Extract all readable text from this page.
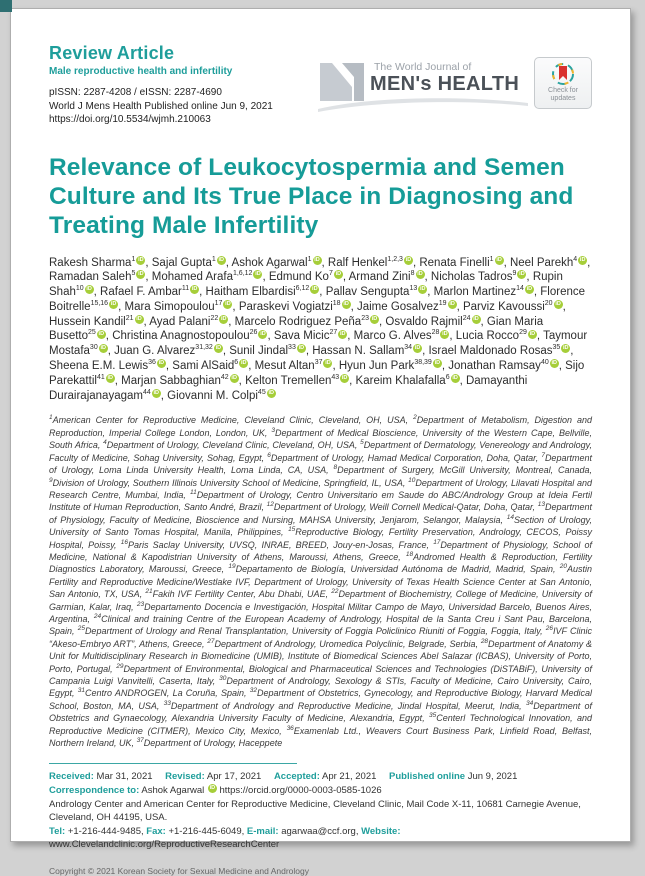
Review Article

Male reproductive health and infertility

pISSN: 2287-4208 / eISSN: 2287-4690

World J Mens Health Published online Jun 9, 2021

https://doi.org/10.5534/wjmh.210063

The World Journal of

MEN's HEALTH	Check for
updates
Relevance of Leukocytospermia and Semen Culture and Its True Place in Diagnosing and Treating Male Infertility

Rakesh Sharma$^1$ iD , Sajal Gupta$^1$ iD , Ashok Agarwal$^1$ iD , Ralf Henkel$^{1,2,3}$ iD , Renata Finelli$^1$ iD , Neel Parekh$^4$ iD , Ramadan Saleh$^5$ iD , Mohamed Arafa$^{1,6,12}$ iD , Edmund Ko$^7$ iD , Armand Zini$^8$ iD , Nicholas Tadros$^9$ iD , Rupin Shah$^{10}$ iD , Rafael F. Ambar$^{11}$ iD , Haitham Elbardisi$^{6,12}$ iD , Pallav Sengupta$^{13}$ iD , Marlon Martinez$^{14}$ iD , Florence Boitrelle$^{15,16}$ iD , Mara Simopoulou$^{17}$ iD , Paraskevi Vogiatzi$^{18}$ iD , Jaime Gosalvez$^{19}$ iD , Parviz Kavoussi$^{20}$ iD , Hussein Kandil$^{21}$ iD , Ayad Palani$^{22}$ iD , Marcelo Rodriguez Peña$^{23}$ iD , Osvaldo Rajmil$^{24}$ iD , Gian Maria Busetto$^{25}$ iD , Christina Anagnostopoulou$^{26}$ iD , Sava Micic$^{27}$ iD , Marco G. Alves$^{28}$ iD , Lucia Rocco$^{29}$ iD , Taymour Mostafa$^{30}$ iD , Juan G. Alvarez$^{31,32}$ iD , Sunil Jindal$^{33}$ iD , Hassan N. Sallam$^{34}$ iD , Israel Maldonado Rosas$^{35}$ iD , Sheena E.M. Lewis$^{36}$ iD , Sami AlSaid$^6$ iD , Mesut Altan$^{37}$ iD , Hyun Jun Park$^{38,39}$ iD , Jonathan Ramsay$^{40}$ iD , Sijo Parekattil$^{41}$ iD , Marjan Sabbaghian$^{42}$ iD , Kelton Tremellen$^{43}$ iD , Kareim Khalafalla$^6$ iD , Damayanthi Durairajanayagam$^{44}$ iD , Giovanni M. Colpi$^{45}$ iD

$^1$American Center for Reproductive Medicine, Cleveland Clinic, Cleveland, OH, USA, $^2$Department of Metabolism, Digestion and Reproduction, Imperial College London, London, UK, $^3$Department of Medical Bioscience, University of the Western Cape, Bellville, South Africa, $^4$Department of Urology, Cleveland Clinic, Cleveland, OH, USA, $^5$Department of Dermatology, Venereology and Andrology, Faculty of Medicine, Sohag University, Sohag, Egypt, $^6$Department of Urology, Hamad Medical Corporation, Doha, Qatar, $^7$Department of Urology, Loma Linda University Health, Loma Linda, CA, USA, $^8$Department of Surgery, McGill University, Montreal, Canada, $^9$Division of Urology, Southern Illinois University School of Medicine, Springfield, IL, USA, $^{10}$Department of Urology, Lilavati Hospital and Research Centre, Mumbai, India, $^{11}$Department of Urology, Centro Universitario em Saude do ABC/Andrology Group at Ideia Fertil Institute of Human Reproduction, Santo André, Brazil, $^{12}$Department of Urology, Weill Cornell Medical-Qatar, Doha, Qatar, $^{13}$Department of Physiology, Faculty of Medicine, Bioscience and Nursing, MAHSA University, Jenjarom, Selangor, Malaysia, $^{14}$Section of Urology, University of Santo Tomas Hospital, Manila, Philippines, $^{15}$Reproductive Biology, Fertility Preservation, Andrology, CECOS, Poissy Hospital, Poissy, $^{16}$Paris Saclay University, UVSQ, INRAE, BREED, Jouy-en-Josas, France, $^{17}$Department of Physiology, School of Medicine, National & Kapodistrian University of Athens, Maroussi, Athens, Greece, $^{18}$Andromed Health & Reproduction, Fertility Diagnostics Laboratory, Maroussi, Greece, $^{19}$Departamento de Biología, Universidad Autónoma de Madrid, Madrid, Spain, $^{20}$Austin Fertility and Reproductive Medicine/Westlake IVF, Department of Urology, University of Texas Health Science Center at San Antonio, San Antonio, TX, USA, $^{21}$Fakih IVF Fertility Center, Abu Dhabi, UAE, $^{22}$Department of Biochemistry, College of Medicine, University of Garmian, Kalar, Iraq, $^{23}$Departamento Docencia e Investigación, Hospital Militar Campo de Mayo, Universidad Barcelo, Buenos Aires, Argentina, $^{24}$Clinical and training Centre of the European Academy of Andrology, Hospital de la Santa Creu i Sant Pau, Barcelona, Spain, $^{25}$Department of Urology and Renal Transplantation, University of Foggia Policlinico Riuniti of Foggia, Foggia, Italy, $^{26}$IVF Clinic “Akeso-Embryo ART”, Athens, Greece, $^{27}$Department of Andrology, Uromedica Polyclinic, Belgrade, Serbia, $^{28}$Department of Anatomy & Unit for Multidisciplinary Research in Biomedicine (UMIB), Institute of Biomedical Sciences Abel Salazar (ICBAS), University of Porto, Porto, Portugal, $^{29}$Department of Environmental, Biological and Pharmaceutical Sciences and Technologies (DiSTABiF), University of Campania Luigi Vanvitelli, Caserta, Italy, $^{30}$Department of Andrology, Sexology & STIs, Faculty of Medicine, Cairo University, Cairo, Egypt, $^{31}$Centro ANDROGEN, La Coruña, Spain, $^{32}$Department of Obstetrics, Gynecology, and Reproductive Biology, Harvard Medical School, Boston, MA, USA, $^{33}$Department of Andrology and Reproductive Medicine, Jindal Hospital, Meerut, India, $^{34}$Department of Obstetrics and Gynaecology, Alexandria University Faculty of Medicine, Alexandria, Egypt, $^{35}$Centerl Technological Innovation, and Reproductive Medicine (CITMER), Mexico City, Mexico, $^{36}$Examenlab Ltd., Weavers Court Business Park, Linfield Road, Belfast, Northern Ireland, UK, $^{37}$Department of Urology, Haceppete

Received: Mar 31, 2021 Revised: Apr 17, 2021 Accepted: Apr 21, 2021 Published online Jun 9, 2021

Correspondence to: Ashok Agarwal iD https://orcid.org/0000-0003-0585-1026

Andrology Center and American Center for Reproductive Medicine, Cleveland Clinic, Mail Code X-11, 10681 Carnegie Avenue, Cleveland, OH 44195, USA.

Tel: +1-216-444-9485, Fax: +1-216-445-6049, E-mail: agarwaa@ccf.org, Website: www.Clevelandclinic.org/ReproductiveResearchCenter

Copyright © 2021 Korean Society for Sexual Medicine and Andrology
